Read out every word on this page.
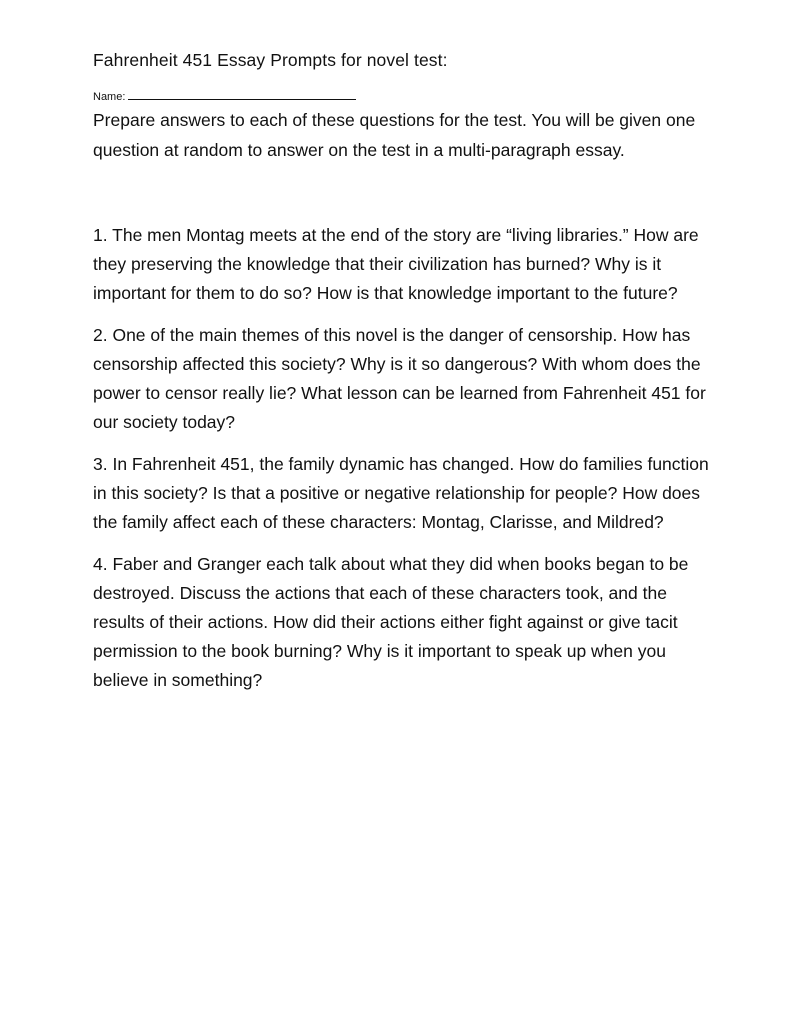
Fahrenheit 451 Essay Prompts for novel test:
Name:

Prepare answers to each of these questions for the test. You will be given one question at random to answer on the test in a multi-paragraph essay.

1. The men Montag meets at the end of the story are “living libraries.” How are they preserving the knowledge that their civilization has burned? Why is it important for them to do so? How is that knowledge important to the future?

2. One of the main themes of this novel is the danger of censorship. How has censorship affected this society? Why is it so dangerous? With whom does the power to censor really lie? What lesson can be learned from Fahrenheit 451 for our society today?

3. In Fahrenheit 451, the family dynamic has changed. How do families function in this society? Is that a positive or negative relationship for people? How does the family affect each of these characters: Montag, Clarisse, and Mildred?

4. Faber and Granger each talk about what they did when books began to be destroyed. Discuss the actions that each of these characters took, and the results of their actions. How did their actions either fight against or give tacit permission to the book burning? Why is it important to speak up when you believe in something?
